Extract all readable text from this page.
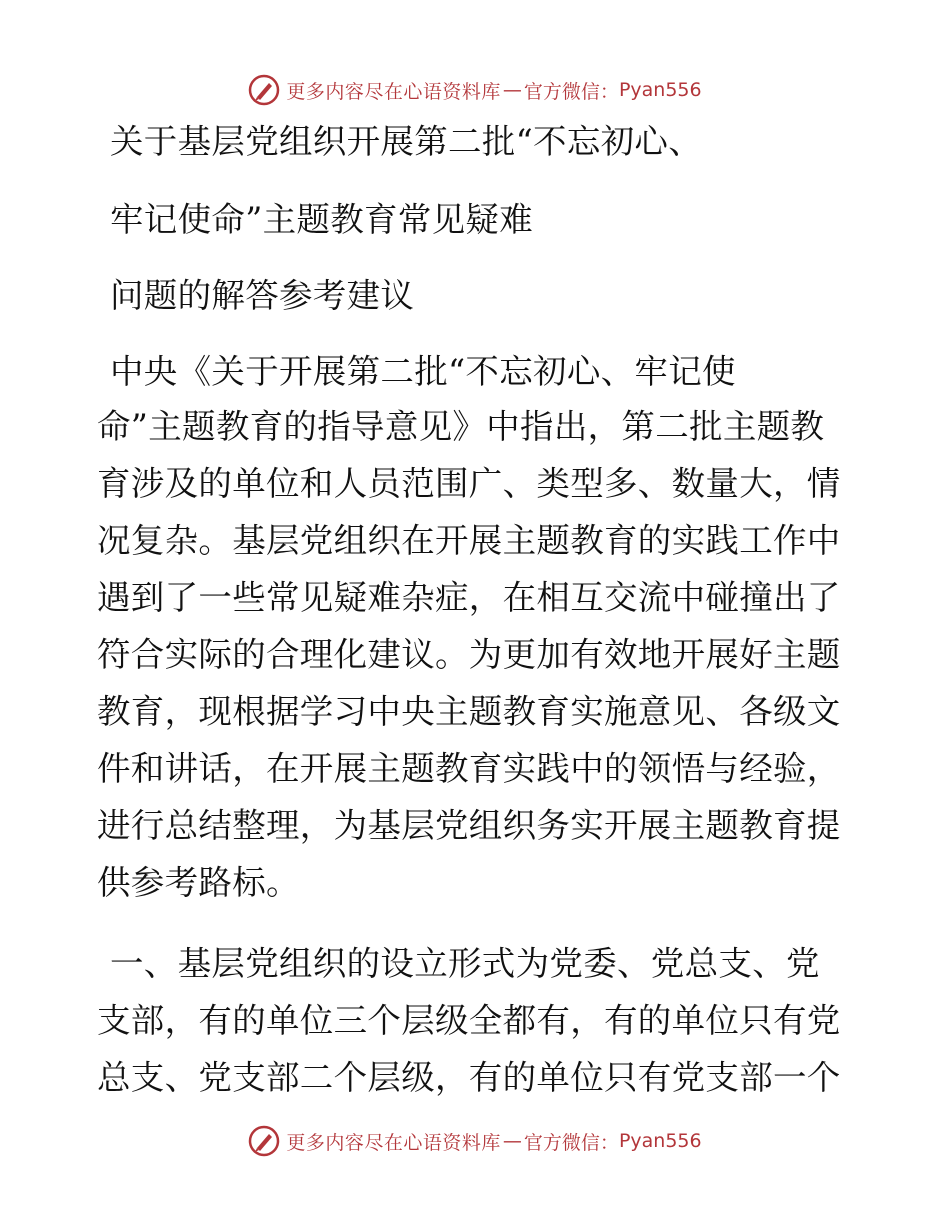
更多内容尽在心语资料库 — 官方微信： Pyan556
关于基层党组织开展第二批“不忘初心、
牢记使命”主题教育常见疑难
问题的解答参考建议
中央《关于开展第二批“不忘初心、牢记使
命”主题教育的指导意见》中指出，第二批主题教
育涉及的单位和人员范围广、类型多、数量大，情
况复杂。基层党组织在开展主题教育的实践工作中
遇到了一些常见疑难杂症，在相互交流中碰撞出了
符合实际的合理化建议。为更加有效地开展好主题
教育，现根据学习中央主题教育实施意见、各级文
件和讲话，在开展主题教育实践中的领悟与经验，
进行总结整理，为基层党组织务实开展主题教育提
供参考路标。
一、基层党组织的设立形式为党委、党总支、党
支部，有的单位三个层级全都有，有的单位只有党
总支、党支部二个层级，有的单位只有党支部一个
更多内容尽在心语资料库 — 官方微信： Pyan556
